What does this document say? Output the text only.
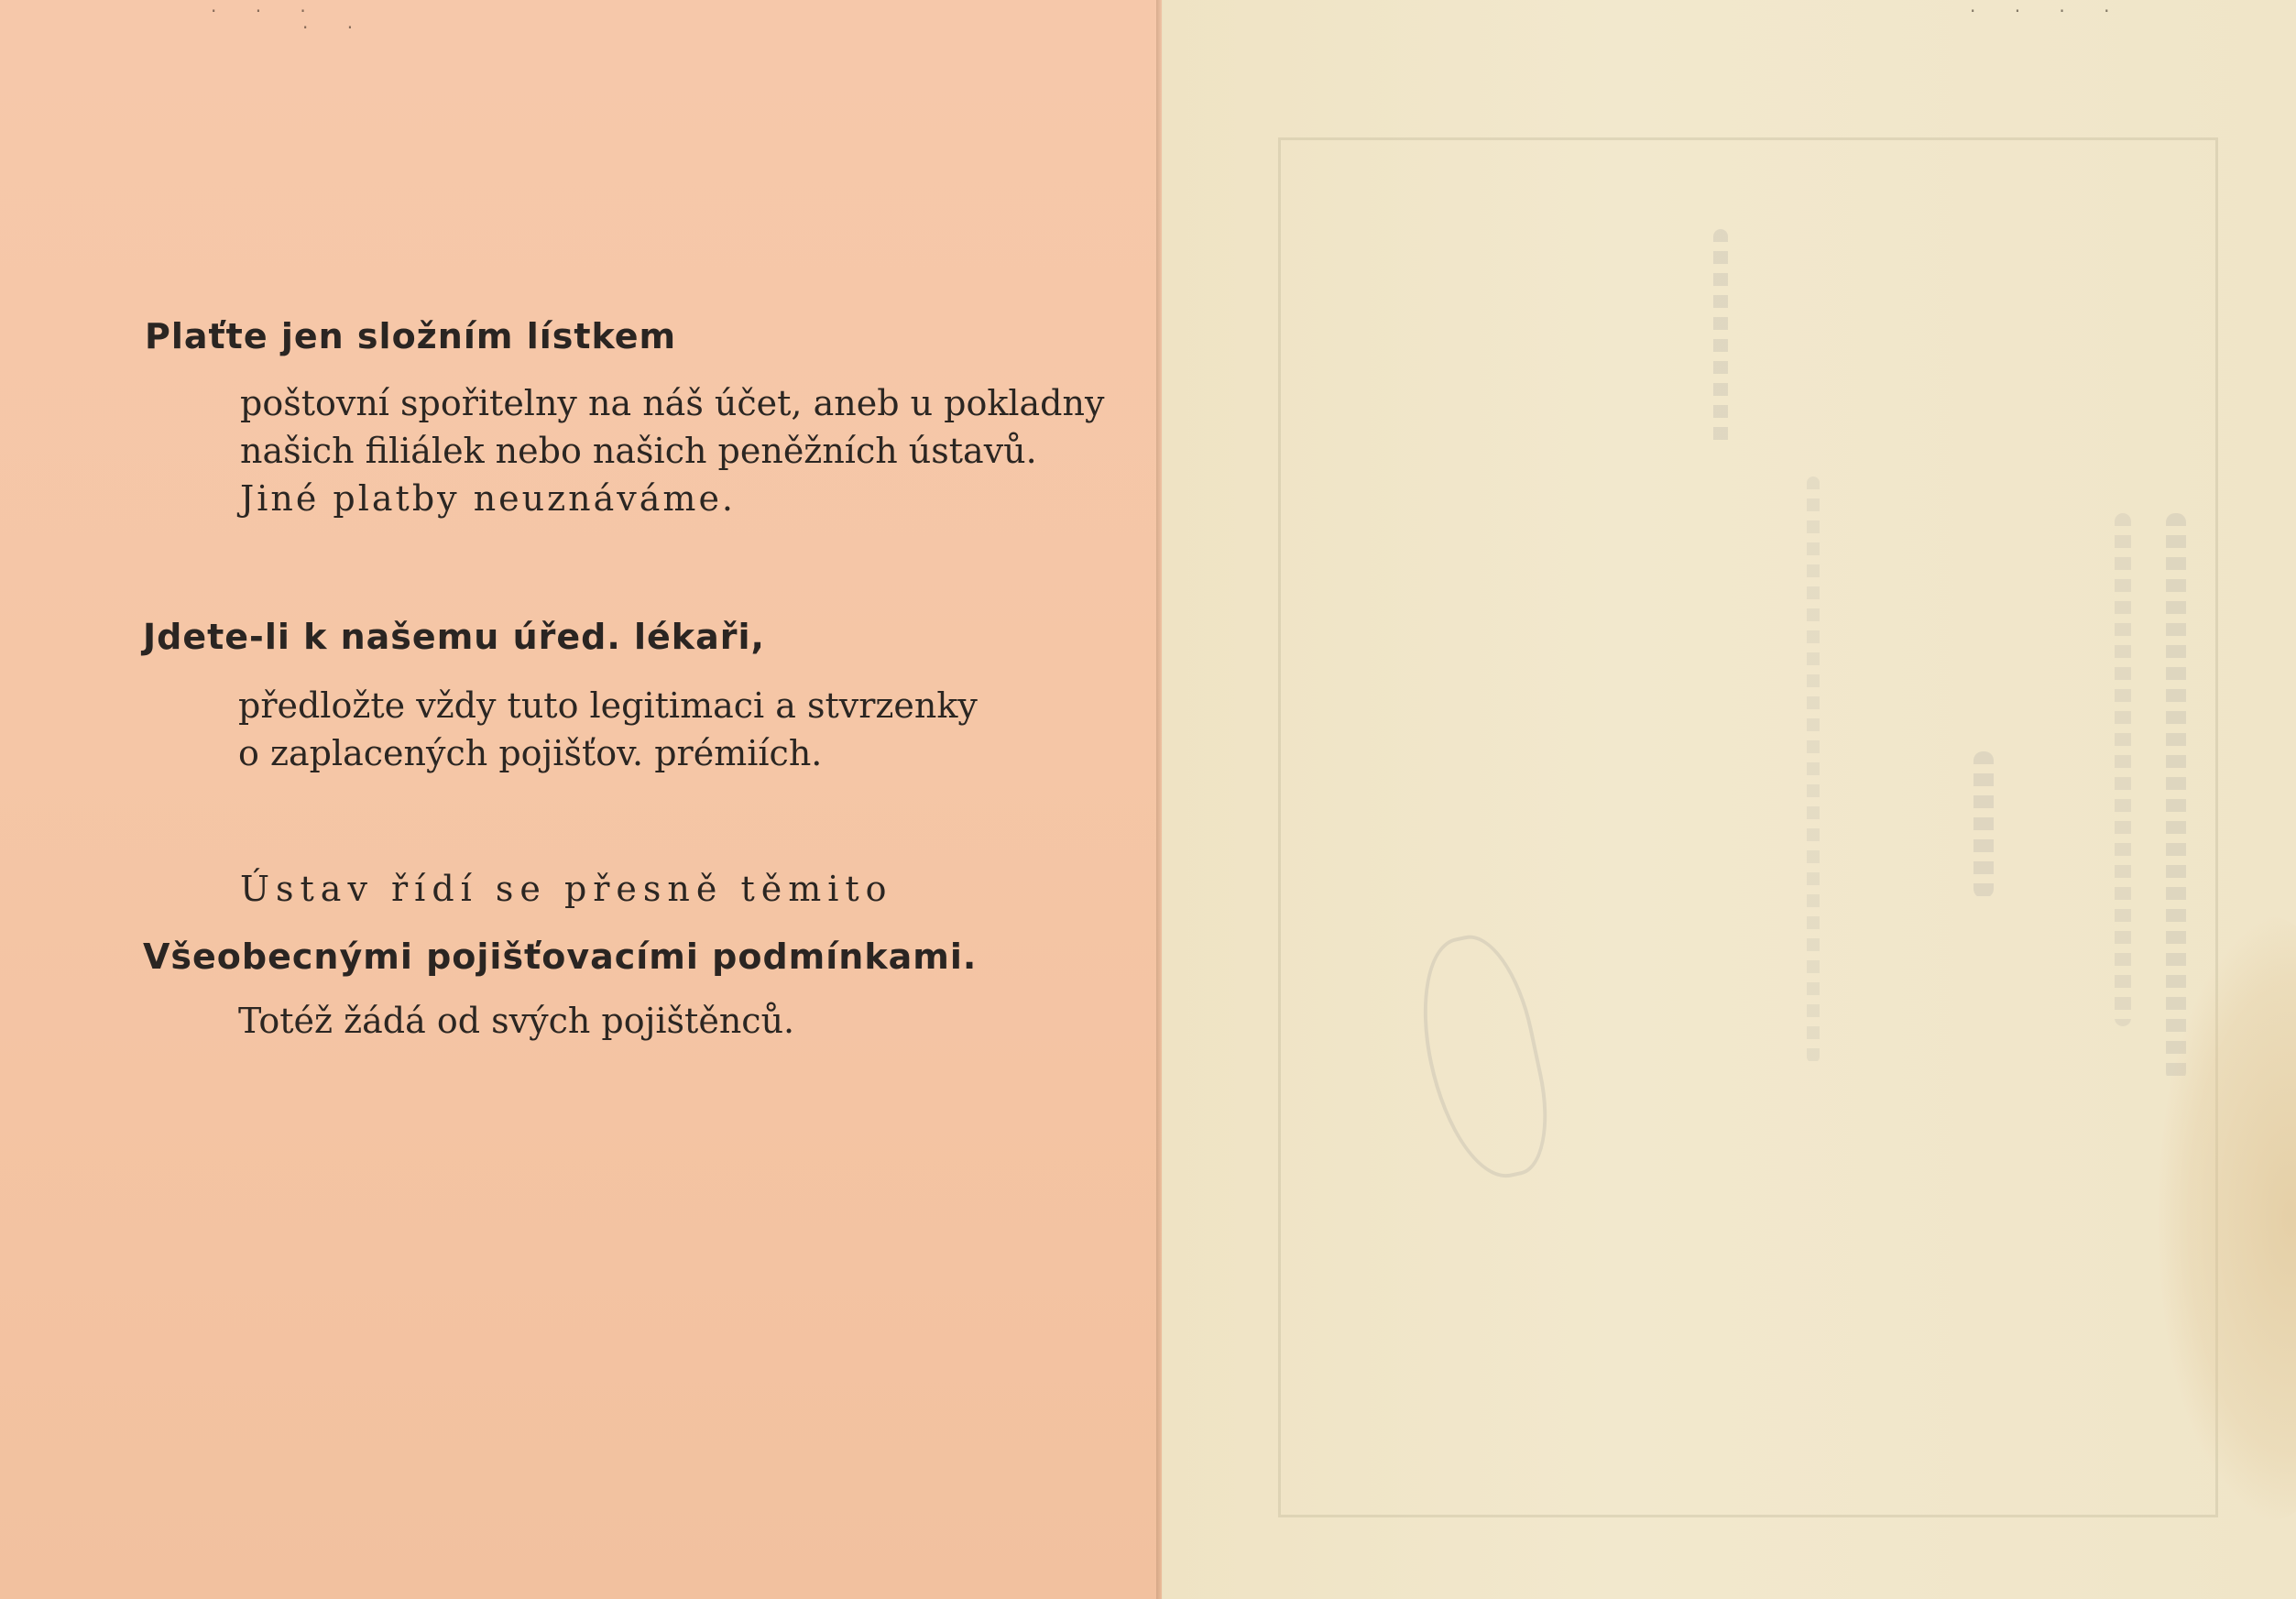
· · ·
· ·
Plaťte jen složním lístkem
poštovní spořitelny na náš účet, aneb u pokladny
našich filiálek nebo našich peněžních ústavů.
Jiné platby neuznáváme.
Jdete-li k našemu úřed. lékaři,
předložte vždy tuto legitimaci a stvrzenky
o zaplacených pojišťov. prémiích.
Ústav řídí se přesně těmito
Všeobecnými pojišťovacími podmínkami.
Totéž žádá od svých pojištěnců.
· · · ·
